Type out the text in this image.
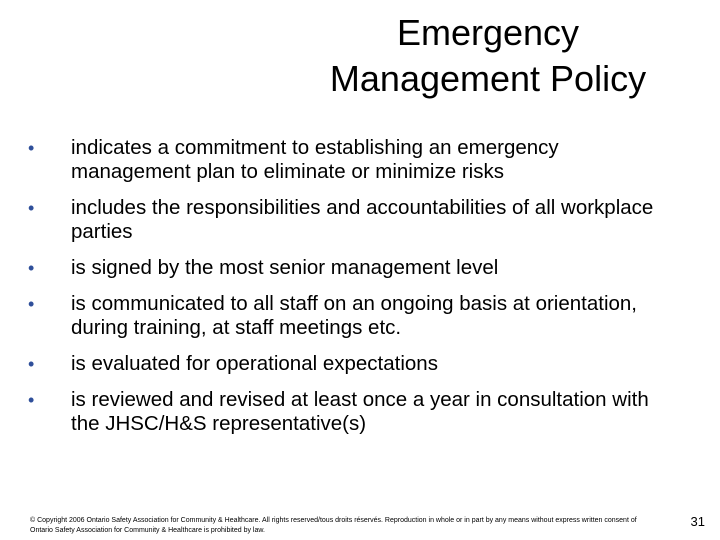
Emergency
Management Policy
• indicates a commitment to establishing an emergency management plan to eliminate or minimize risks
• includes the responsibilities and accountabilities of all workplace parties
• is signed by the most senior management level
• is communicated to all staff on an ongoing basis at orientation, during training, at staff meetings etc.
• is evaluated for operational expectations
• is reviewed and revised at least once a year in consultation with the JHSC/H&S representative(s)
© Copyright 2006 Ontario Safety Association for Community & Healthcare. All rights reserved/tous droits réservés. Reproduction in whole or in part by any means without express written consent of Ontario Safety Association for Community & Healthcare is prohibited by law.
31
